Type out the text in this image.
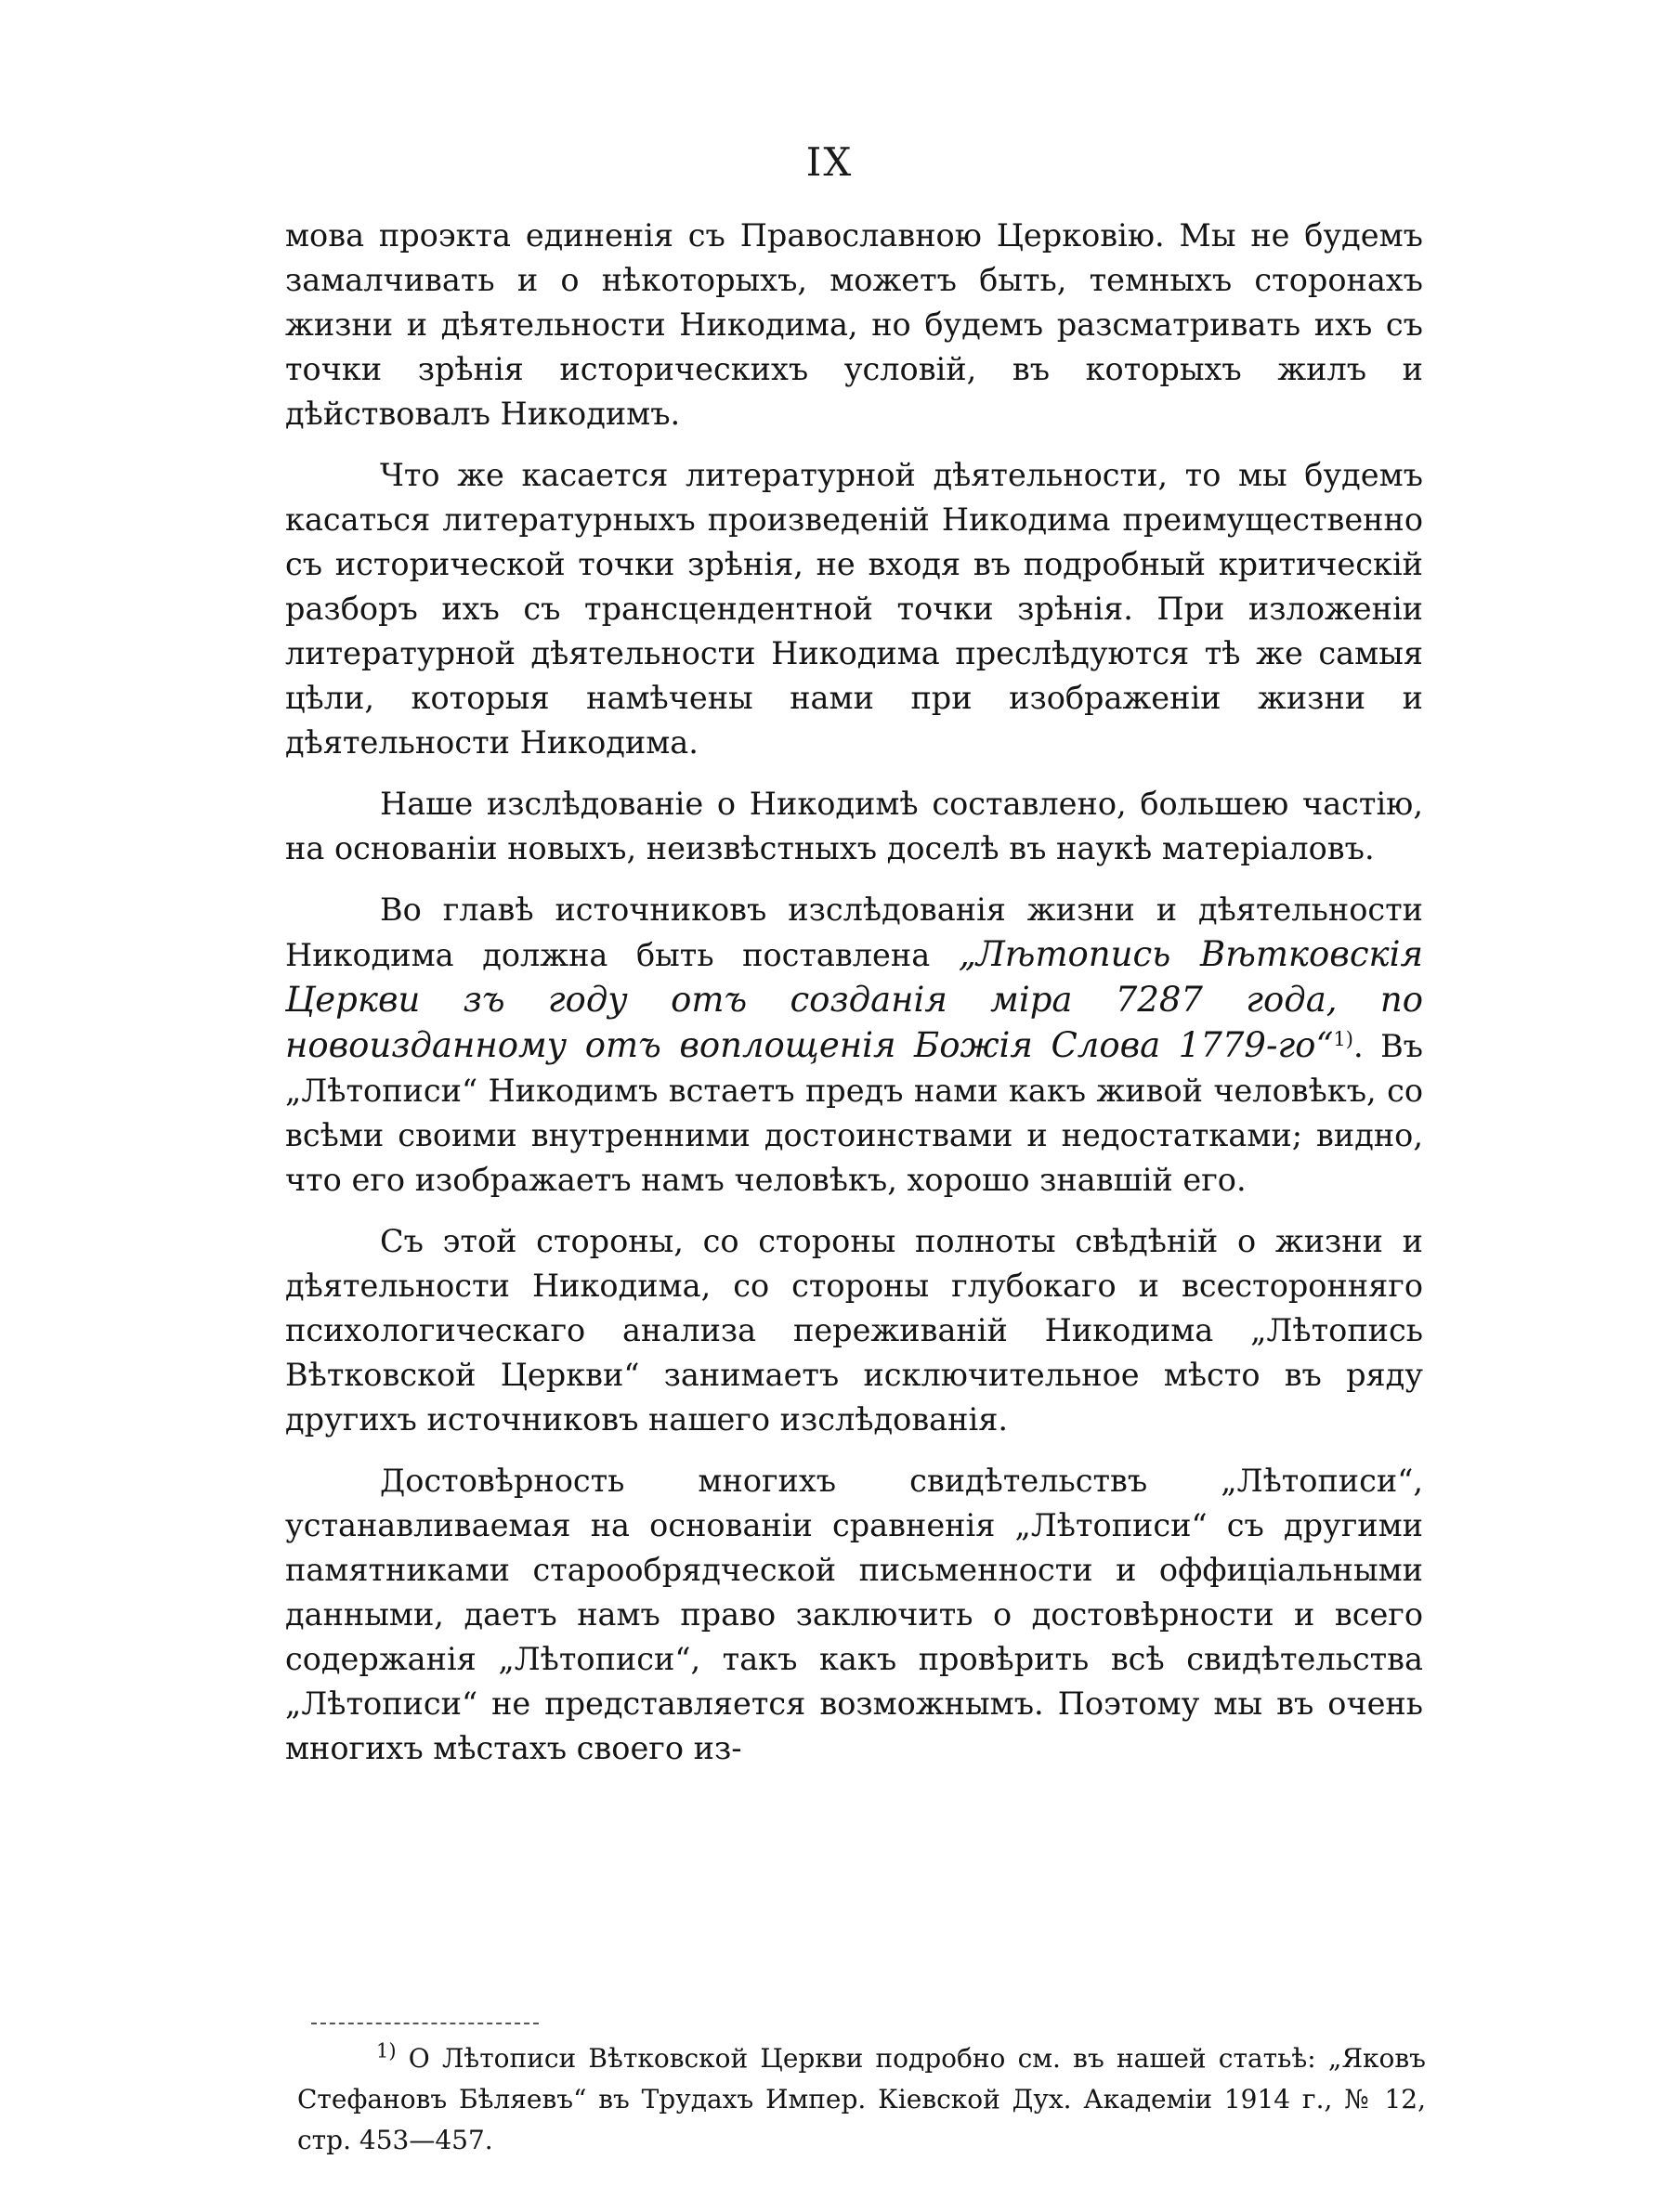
IX

мова проэкта единенія съ Православною Церковію. Мы не будемъ замалчивать и о нѣкоторыхъ, можетъ быть, темныхъ сторонахъ жизни и дѣятельности Никодима, но будемъ разсматривать ихъ съ точки зрѣнія историческихъ условій, въ которыхъ жилъ и дѣйствовалъ Никодимъ.

Что же касается литературной дѣятельности, то мы будемъ касаться литературныхъ произведеній Никодима преимущественно съ исторической точки зрѣнія, не входя въ подробный критическій разборъ ихъ съ трансцендентной точки зрѣнія. При изложеніи литературной дѣятельности Никодима преслѣдуются тѣ же самыя цѣли, которыя намѣчены нами при изображеніи жизни и дѣятельности Никодима.

Наше изслѣдованіе о Никодимѣ составлено, большею частію, на основаніи новыхъ, неизвѣстныхъ доселѣ въ наукѣ матеріаловъ.

Во главѣ источниковъ изслѣдованія жизни и дѣятельности Никодима должна быть поставлена „Лѣтопись Вѣтковскія Церкви зъ году отъ созданія міра 7287 года, по новоизданному отъ воплощенія Божія Слова 1779-го“$^{1)}$. Въ „Лѣтописи“ Никодимъ встаетъ предъ нами какъ живой человѣкъ, со всѣми своими внутренними достоинствами и недостатками; видно, что его изображаетъ намъ человѣкъ, хорошо знавшій его.

Съ этой стороны, со стороны полноты свѣдѣній о жизни и дѣятельности Никодима, со стороны глубокаго и всесторонняго психологическаго анализа переживаній Никодима „Лѣтопись Вѣтковской Церкви“ занимаетъ исключительное мѣсто въ ряду другихъ источниковъ нашего изслѣдованія.

Достовѣрность многихъ свидѣтельствъ „Лѣтописи“, устанавливаемая на основаніи сравненія „Лѣтописи“ съ другими памятниками старообрядческой письменности и оффиціальными данными, даетъ намъ право заключить о достовѣрности и всего содержанія „Лѣтописи“, такъ какъ провѣрить всѣ свидѣтельства „Лѣтописи“ не представляется возможнымъ. Поэтому мы въ очень многихъ мѣстахъ своего из-

$^{1)}$ О Лѣтописи Вѣтковской Церкви подробно см. въ нашей статьѣ: „Яковъ Стефановъ Бѣляевъ“ въ Трудахъ Импер. Кіевской Дух. Академіи 1914 г., № 12, стр. 453—457.
